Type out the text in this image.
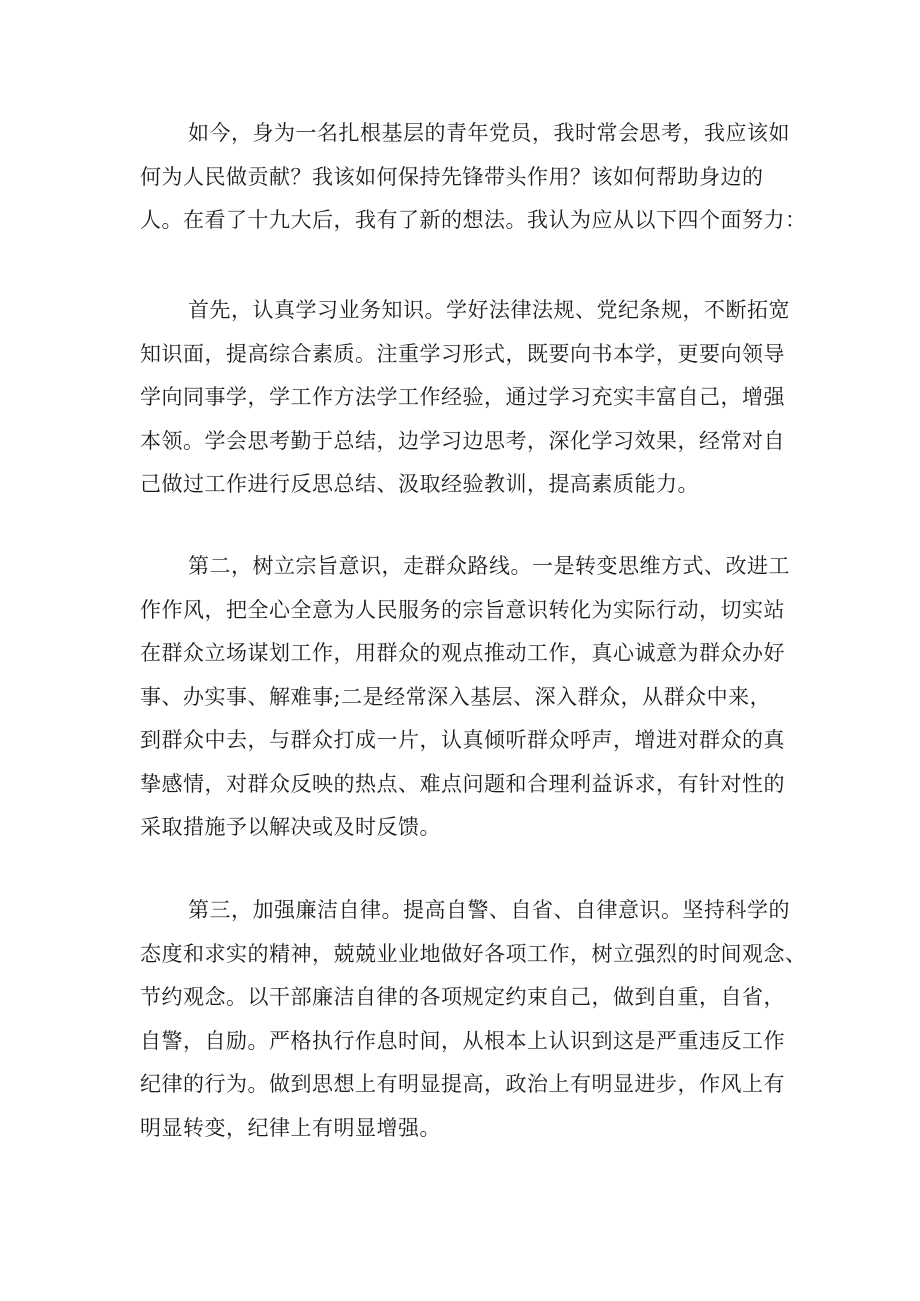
如今，身为一名扎根基层的青年党员，我时常会思考，我应该如
何为人民做贡献？我该如何保持先锋带头作用？该如何帮助身边的
人。在看了十九大后，我有了新的想法。我认为应从以下四个面努力：

首先，认真学习业务知识。学好法律法规、党纪条规，不断拓宽
知识面，提高综合素质。注重学习形式，既要向书本学，更要向领导
学向同事学，学工作方法学工作经验，通过学习充实丰富自己，增强
本领。学会思考勤于总结，边学习边思考，深化学习效果，经常对自
己做过工作进行反思总结、汲取经验教训，提高素质能力。

第二，树立宗旨意识，走群众路线。一是转变思维方式、改进工
作作风，把全心全意为人民服务的宗旨意识转化为实际行动，切实站
在群众立场谋划工作，用群众的观点推动工作，真心诚意为群众办好
事、办实事、解难事;二是经常深入基层、深入群众，从群众中来，
到群众中去，与群众打成一片，认真倾听群众呼声，增进对群众的真
挚感情，对群众反映的热点、难点问题和合理利益诉求，有针对性的
采取措施予以解决或及时反馈。

第三，加强廉洁自律。提高自警、自省、自律意识。坚持科学的
态度和求实的精神，兢兢业业地做好各项工作，树立强烈的时间观念、
节约观念。以干部廉洁自律的各项规定约束自己，做到自重，自省，
自警，自励。严格执行作息时间，从根本上认识到这是严重违反工作
纪律的行为。做到思想上有明显提高，政治上有明显进步，作风上有
明显转变，纪律上有明显增强。
